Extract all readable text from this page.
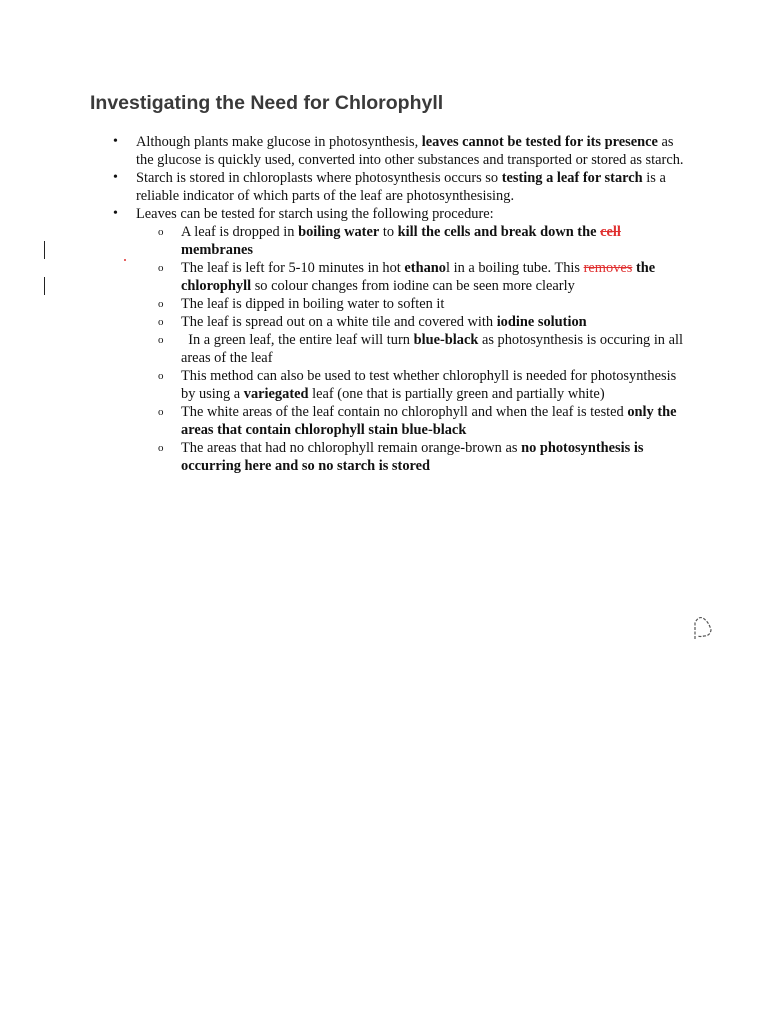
Investigating the Need for Chlorophyll
• Although plants make glucose in photosynthesis, leaves cannot be tested for its presence as the glucose is quickly used, converted into other substances and transported or stored as starch.
• Starch is stored in chloroplasts where photosynthesis occurs so testing a leaf for starch is a reliable indicator of which parts of the leaf are photosynthesising.
• Leaves can be tested for starch using the following procedure:
o A leaf is dropped in boiling water to kill the cells and break down the cell membranes
o The leaf is left for 5-10 minutes in hot ethanol in a boiling tube. This removes the chlorophyll so colour changes from iodine can be seen more clearly
o The leaf is dipped in boiling water to soften it
o The leaf is spread out on a white tile and covered with iodine solution
o In a green leaf, the entire leaf will turn blue-black as photosynthesis is occuring in all areas of the leaf
o This method can also be used to test whether chlorophyll is needed for photosynthesis by using a variegated leaf (one that is partially green and partially white)
o The white areas of the leaf contain no chlorophyll and when the leaf is tested only the areas that contain chlorophyll stain blue-black
o The areas that had no chlorophyll remain orange-brown as no photosynthesis is occurring here and so no starch is stored
